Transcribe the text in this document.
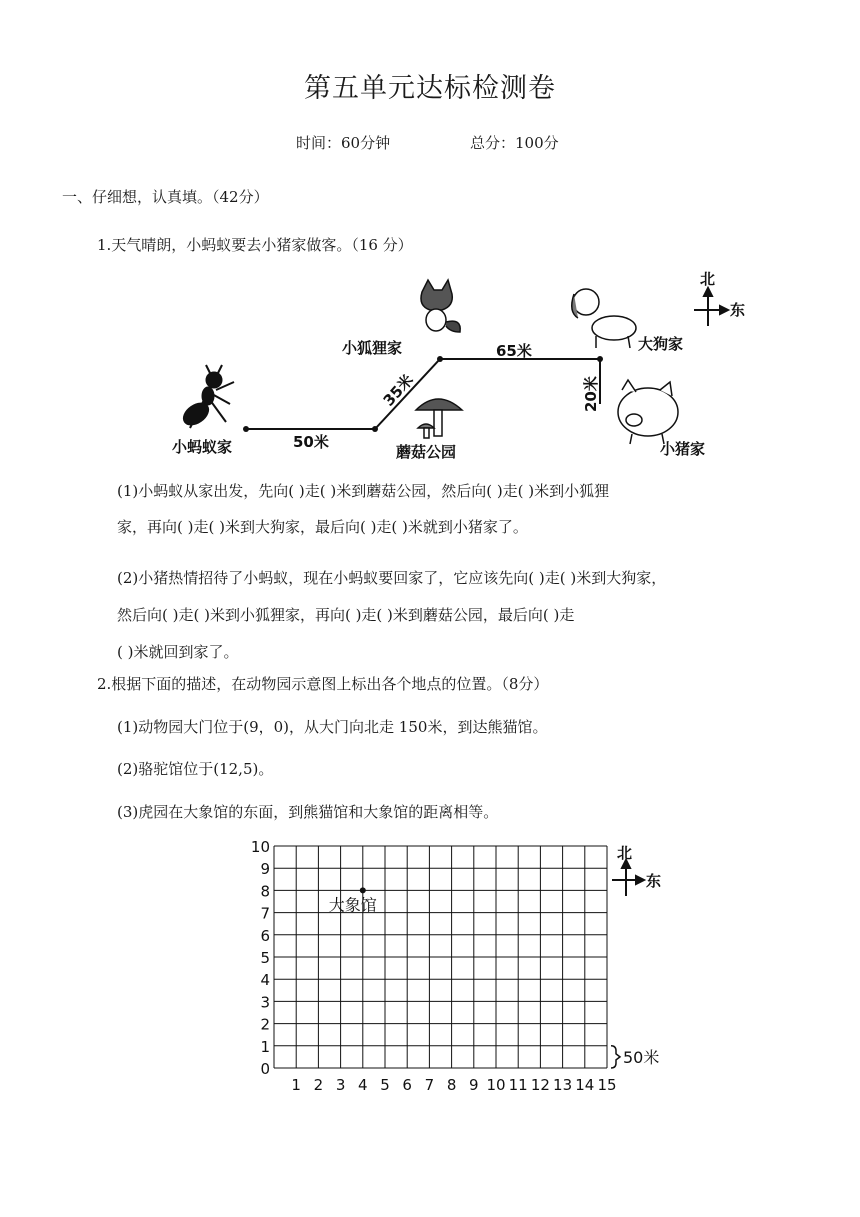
第五单元达标检测卷
时间：60分钟	总分：100分
一、仔细想，认真填。（42分）
1.天气晴朗，小蚂蚁要去小猪家做客。（16 分）
50米
35米
65米
20米
小蚂蚁家
小狐狸家
蘑菇公园
大狗家
小猪家
北
东
(1)小蚂蚁从家出发，先向( )走( )米到蘑菇公园，然后向( )走( )米到小狐狸
家，再向( )走( )米到大狗家，最后向( )走( )米就到小猪家了。
(2)小猪热情招待了小蚂蚁，现在小蚂蚁要回家了，它应该先向( )走( )米到大狗家，
然后向( )走( )米到小狐狸家，再向( )走( )米到蘑菇公园，最后向( )走
( )米就回到家了。
2.根据下面的描述，在动物园示意图上标出各个地点的位置。（8分）
(1)动物园大门位于(9，0)，从大门向北走 150米，到达熊猫馆。
(2)骆驼馆位于(12,5)。
(3)虎园在大象馆的东面，到熊猫馆和大象馆的距离相等。
1 2 3 4 5 6 7 8 9 10 11 12 13 14 15
0
1
2
3
4
5
6
7
8
9
10
大象馆
50米
北
东
